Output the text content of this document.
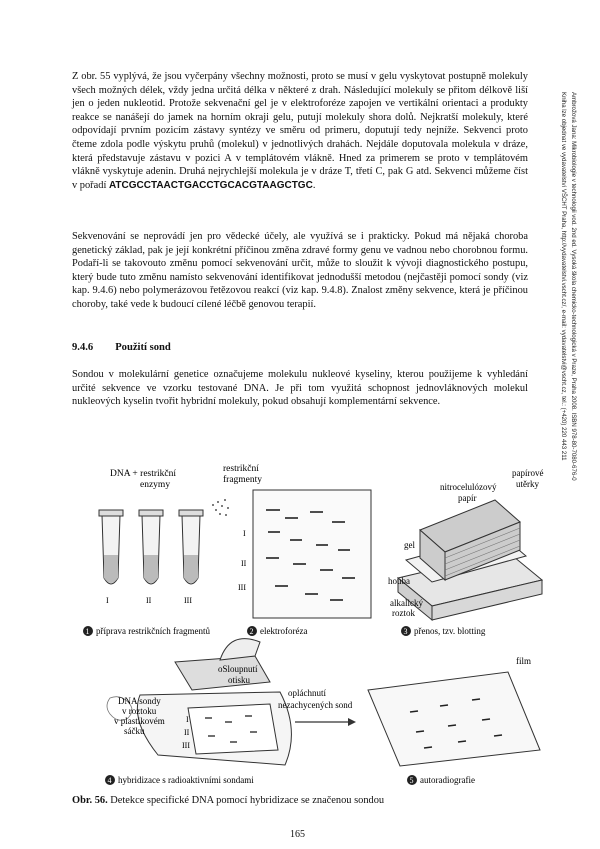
Z obr. 55 vyplývá, že jsou vyčerpány všechny možnosti, proto se musí v gelu vyskytovat postupně molekuly všech možných délek, vždy jedna určitá délka v některé z drah. Následující molekuly se přitom délkově liší jen o jeden nukleotid. Protože sekvenační gel je v elektroforéze zapojen ve vertikální orientaci a produkty reakce se nanášejí do jamek na horním okraji gelu, putují molekuly shora dolů. Nejkratší molekuly, které odpovídají prvním pozicím zástavy syntézy ve směru od primeru, doputují tedy nejníže. Sekvenci proto čteme zdola podle výskytu pruhů (molekul) v jednotlivých drahách. Nejdále doputovala molekula v dráze, která představuje zástavu v pozici A v templátovém vlákně. Hned za primerem se proto v templátovém vlákně vyskytuje adenin. Druhá nejrychlejší molekula je v dráze T, třetí C, pak G atd. Sekvenci můžeme číst v pořadí ATCGCCTAACTGACCTGCACGTAAGCTGC.

Sekvenování se neprovádí jen pro vědecké účely, ale využívá se i prakticky. Pokud má nějaká choroba genetický základ, pak je její konkrétní příčinou změna zdravé formy genu ve vadnou nebo chorobnou formu. Podaří-li se takovouto změnu pomocí sekvenování určit, může to sloužit k vývoji diagnostického postupu, který bude tuto změnu namísto sekvenování identifikovat jednodušší metodou (nejčastěji pomocí sondy (viz kap. 9.4.6) nebo polymerázovou řetězovou reakcí (viz kap. 9.4.8). Znalost změny sekvence, která je příčinou choroby, také vede k budoucí cílené léčbě genovou terapií.

9.4.6 Použití sond

Sondou v molekulární genetice označujeme molekulu nukleové kyseliny, kterou použijeme k vyhledání určité sekvence ve vzorku testované DNA. Je při tom využitá schopnost jednovláknových molekul nukleových kyselin tvořit hybridní molekuly, pokud obsahují komplementární sekvence.	Ambrožová Jana: Mikrobiologie v technologii vod. 2nd ed. Vysoká škola chemicko-technologická v Praze, Praha 2008. ISBN 978-80-7080-676-0
Kniha lze objednat ve vydavatelství VŠCHT Praha, http://vydavatelstvi.vscht.cz/, e-mail: vydavatelstvi@vscht.cz, tel.: (+420) 220 443 211
DNA + restrikční
enzymy
I	II	III
restrikční
fragmenty
I
II
III
nitrocelulózový
papír
papírové
utěrky
gel
houba
alkalický
roztok
1 příprava restrikčních fragmentů	2 elektroforéza	3 přenos, tzv. blotting
oSloupnutí
otisku
DNA sondy
v roztoku
v plastikovém
sáčku
I
II
III
opláchnutí
nezachycených sond
film
4 hybridizace s radioaktivními sondami	5 autoradiografie

Obr. 56. Detekce specifické DNA pomocí hybridizace se značenou sondou

165
